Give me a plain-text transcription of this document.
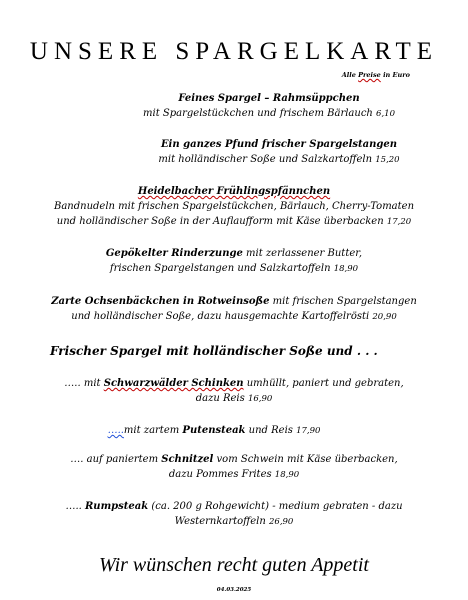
UNSERE SPARGELKARTE
Alle Preise in Euro
Feines Spargel – Rahmsüppchen
mit Spargelstückchen und frischem Bärlauch 6,10
Ein ganzes Pfund frischer Spargelstangen
mit holländischer Soße und Salzkartoffeln 15,20
Heidelbacher Frühlingspfännchen
Bandnudeln mit frischen Spargelstückchen, Bärlauch, Cherry-Tomaten
und holländischer Soße in der Auflaufform mit Käse überbacken 17,20
Gepökelter Rinderzunge mit zerlassener Butter,
frischen Spargelstangen und Salzkartoffeln 18,90
Zarte Ochsenbäckchen in Rotweinsoße mit frischen Spargelstangen
und holländischer Soße, dazu hausgemachte Kartoffelrösti 20,90
Frischer Spargel mit holländischer Soße und . . .
….. mit Schwarzwälder Schinken umhüllt, paniert und gebraten,
dazu Reis 16,90
…..mit zartem Putensteak und Reis 17,90
…. auf paniertem Schnitzel vom Schwein mit Käse überbacken,
dazu Pommes Frites 18,90
….. Rumpsteak (ca. 200 g Rohgewicht) - medium gebraten - dazu
Westernkartoffeln 26,90
Wir wünschen recht guten Appetit
04.03.2025
